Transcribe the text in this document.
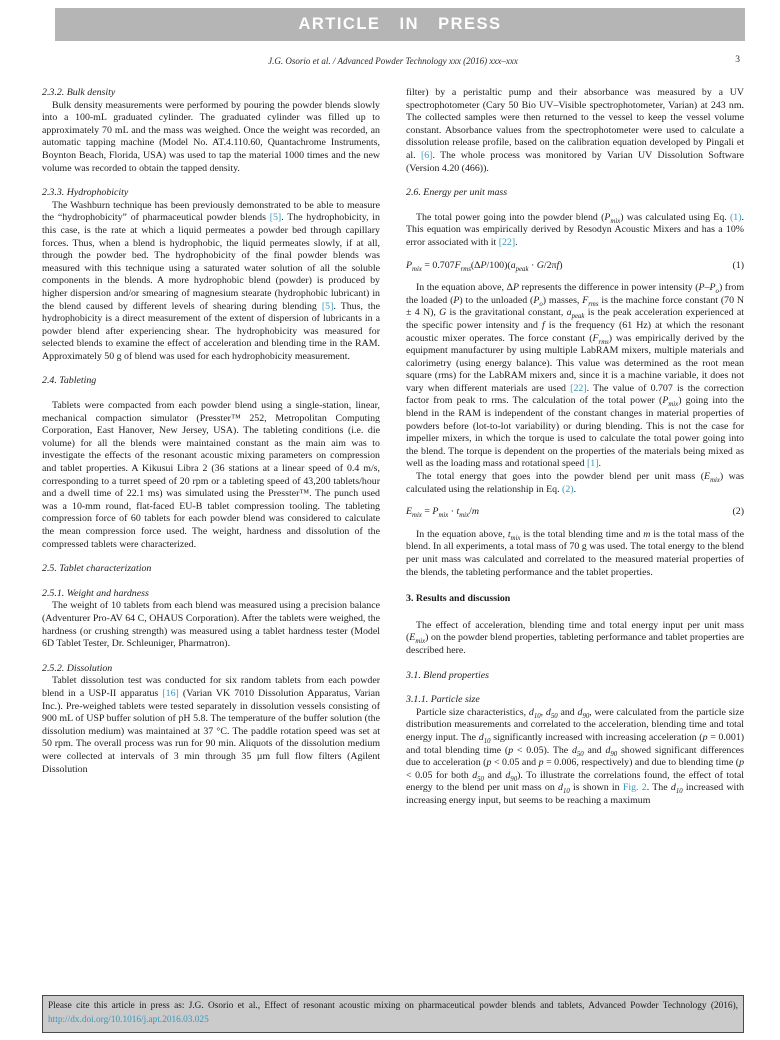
ARTICLE IN PRESS
J.G. Osorio et al. / Advanced Powder Technology xxx (2016) xxx–xxx	3
2.3.2. Bulk density
Bulk density measurements were performed by pouring the powder blends slowly into a 100-mL graduated cylinder. The graduated cylinder was filled up to approximately 70 mL and the mass was weighed. Once the weight was recorded, an automatic tapping machine (Model No. AT.4.110.60, Quantachrome Instruments, Boynton Beach, Florida, USA) was used to tap the material 1000 times and the new volume was recorded to obtain the tapped density.
2.3.3. Hydrophobicity
The Washburn technique has been previously demonstrated to be able to measure the “hydrophobicity” of pharmaceutical powder blends [5]. The hydrophobicity, in this case, is the rate at which a liquid permeates a powder bed through capillary forces. Thus, when a blend is hydrophobic, the liquid permeates slowly, if at all, through the powder bed. The hydrophobicity of the final powder blends was measured with this technique using a saturated water solution of all the soluble components in the blends. A more hydrophobic blend (powder) is produced by higher dispersion and/or smearing of magnesium stearate (hydrophobic lubricant) in the blend caused by different levels of shearing during blending [5]. Thus, the hydrophobicity is a direct measurement of the extent of dispersion of lubricants in a powder blend after experiencing shear. The hydrophobicity was measured for selected blends to examine the effect of acceleration and blending time in the RAM. Approximately 50 g of blend was used for each hydrophobicity measurement.
2.4. Tableting
Tablets were compacted from each powder blend using a single-station, linear, mechanical compaction simulator (Presster™ 252, Metropolitan Computing Corporation, East Hanover, New Jersey, USA). The tableting conditions (i.e. die volume) for all the blends were maintained constant as the main aim was to investigate the effects of the resonant acoustic mixing parameters on compression and tablet properties. A Kikusui Libra 2 (36 stations at a linear speed of 0.4 m/s, corresponding to a turret speed of 20 rpm or a tableting speed of 43,200 tablets/hour and a dwell time of 22.1 ms) was simulated using the Presster™. The punch used was a 10-mm round, flat-faced EU-B tablet compression tooling. The tableting compression force of 60 tablets for each powder blend was considered to calculate the mean compression force used. The weight, hardness and dissolution of the compressed tablets were characterized.
2.5. Tablet characterization
2.5.1. Weight and hardness
The weight of 10 tablets from each blend was measured using a precision balance (Adventurer Pro-AV 64 C, OHAUS Corporation). After the tablets were weighed, the hardness (or crushing strength) was measured using a tablet hardness tester (Model 6D Tablet Tester, Dr. Schleuniger, Pharmatron).
2.5.2. Dissolution
Tablet dissolution test was conducted for six random tablets from each powder blend in a USP-II apparatus [16] (Varian VK 7010 Dissolution Apparatus, Varian Inc.). Pre-weighed tablets were tested separately in dissolution vessels consisting of 900 mL of USP buffer solution of pH 5.8. The temperature of the buffer solution (the dissolution medium) was maintained at 37 °C. The paddle rotation speed was set at 50 rpm. The overall process was run for 90 min. Aliquots of the dissolution medium were collected at intervals of 3 min through 35 µm full flow filters (Agilent Dissolution
filter) by a peristaltic pump and their absorbance was measured by a UV spectrophotometer (Cary 50 Bio UV–Visible spectrophotometer, Varian) at 243 nm. The collected samples were then returned to the vessel to keep the vessel volume constant. Absorbance values from the spectrophotometer were used to calculate a dissolution release profile, based on the calibration equation developed by Pingali et al. [6]. The whole process was monitored by Varian UV Dissolution Software (Version 4.20 (466)).
2.6. Energy per unit mass
The total power going into the powder blend $(P_{mix})$ was calculated using Eq. (1). This equation was empirically derived by Resodyn Acoustic Mixers and has a 10% error associated with it [22].
$P_{mix} = 0.707F_{rms}(\Delta P/100)(a_{peak} \cdot G/2\pi f)$	(1)
In the equation above, ΔP represents the difference in power intensity $(P-P_o)$ from the loaded (P) to the unloaded $(P_o)$ masses, $F_{rms}$ is the machine force constant (70 N ± 4 N), G is the gravitational constant, $a_{peak}$ is the peak acceleration experienced at the specific power intensity and f is the frequency (61 Hz) at which the resonant acoustic mixer operates. The force constant $(F_{rms})$ was empirically derived by the equipment manufacturer by using multiple LabRAM mixers, multiple materials and calorimetry (using energy balance). This value was determined as the root mean square (rms) for the LabRAM mixers and, since it is a machine variable, it does not vary when different materials are used [22]. The value of 0.707 is the correction factor from peak to rms. The calculation of the total power $(P_{mix})$ going into the blend in the RAM is independent of the constant changes in material properties of powders before (lot-to-lot variability) or during blending. This is not the case for impeller mixers, in which the torque is used to calculate the total power going into the blend. The torque is dependent on the properties of the materials being mixed as well as the loading mass and rotational speed [1].
The total energy that goes into the powder blend per unit mass $(E_{mix})$ was calculated using the relationship in Eq. (2).
$E_{mix} = P_{mix} \cdot t_{mix}/m$	(2)
In the equation above, $t_{mix}$ is the total blending time and m is the total mass of the blend. In all experiments, a total mass of 70 g was used. The total energy to the blend per unit mass was calculated and correlated to the measured material properties of the blends, the tableting performance and the tablet properties.
3. Results and discussion
The effect of acceleration, blending time and total energy input per unit mass $(E_{mix})$ on the powder blend properties, tableting performance and tablet properties are described here.
3.1. Blend properties
3.1.1. Particle size
Particle size characteristics, $d_{10}$, $d_{50}$ and $d_{90}$, were calculated from the particle size distribution measurements and correlated to the acceleration, blending time and total energy input. The $d_{10}$ significantly increased with increasing acceleration (p = 0.001) and total blending time (p < 0.05). The $d_{50}$ and $d_{90}$ showed significant differences due to acceleration (p < 0.05 and p = 0.006, respectively) and due to blending time (p < 0.05 for both $d_{50}$ and $d_{90}$). To illustrate the correlations found, the effect of total energy to the blend per unit mass on $d_{10}$ is shown in Fig. 2. The $d_{10}$ increased with increasing energy input, but seems to be reaching a maximum
Please cite this article in press as: J.G. Osorio et al., Effect of resonant acoustic mixing on pharmaceutical powder blends and tablets, Advanced Powder Technology (2016), http://dx.doi.org/10.1016/j.apt.2016.03.025
